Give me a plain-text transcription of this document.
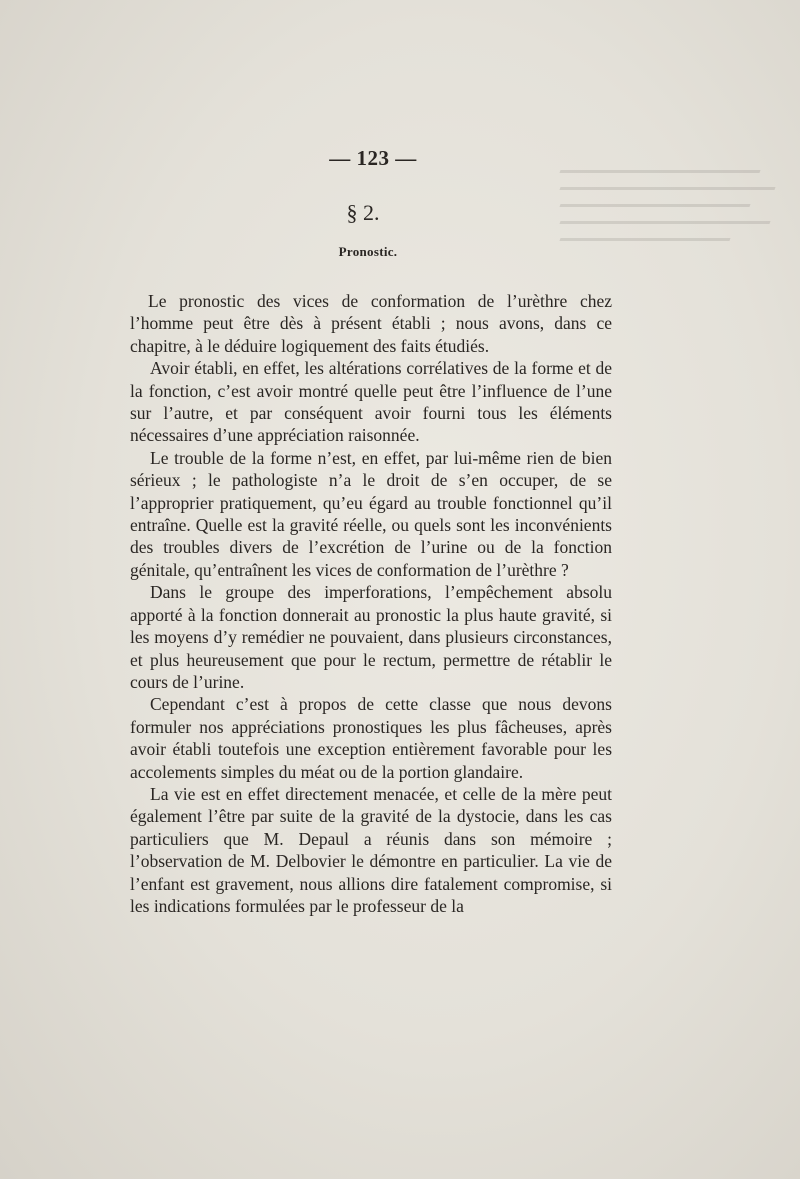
— 123 —
§ 2.
Pronostic.

Le pronostic des vices de conformation de l’urèthre chez l’homme peut être dès à présent établi ; nous avons, dans ce chapitre, à le déduire logiquement des faits étudiés.

Avoir établi, en effet, les altérations corrélatives de la forme et de la fonction, c’est avoir montré quelle peut être l’influence de l’une sur l’autre, et par conséquent avoir fourni tous les éléments nécessaires d’une appréciation raisonnée.

Le trouble de la forme n’est, en effet, par lui-même rien de bien sérieux ; le pathologiste n’a le droit de s’en occuper, de se l’approprier pratiquement, qu’eu égard au trouble fonctionnel qu’il entraîne. Quelle est la gravité réelle, ou quels sont les inconvénients des troubles divers de l’excrétion de l’urine ou de la fonction génitale, qu’entraînent les vices de conformation de l’urèthre ?

Dans le groupe des imperforations, l’empêchement absolu apporté à la fonction donnerait au pronostic la plus haute gravité, si les moyens d’y remédier ne pouvaient, dans plusieurs circonstances, et plus heureusement que pour le rectum, permettre de rétablir le cours de l’urine.

Cependant c’est à propos de cette classe que nous devons formuler nos appréciations pronostiques les plus fâcheuses, après avoir établi toutefois une exception entièrement favorable pour les accolements simples du méat ou de la portion glandaire.

La vie est en effet directement menacée, et celle de la mère peut également l’être par suite de la gravité de la dystocie, dans les cas particuliers que M. Depaul a réunis dans son mémoire ; l’observation de M. Delbovier le démontre en particulier. La vie de l’enfant est gravement, nous allions dire fatalement compromise, si les indications formulées par le professeur de la
